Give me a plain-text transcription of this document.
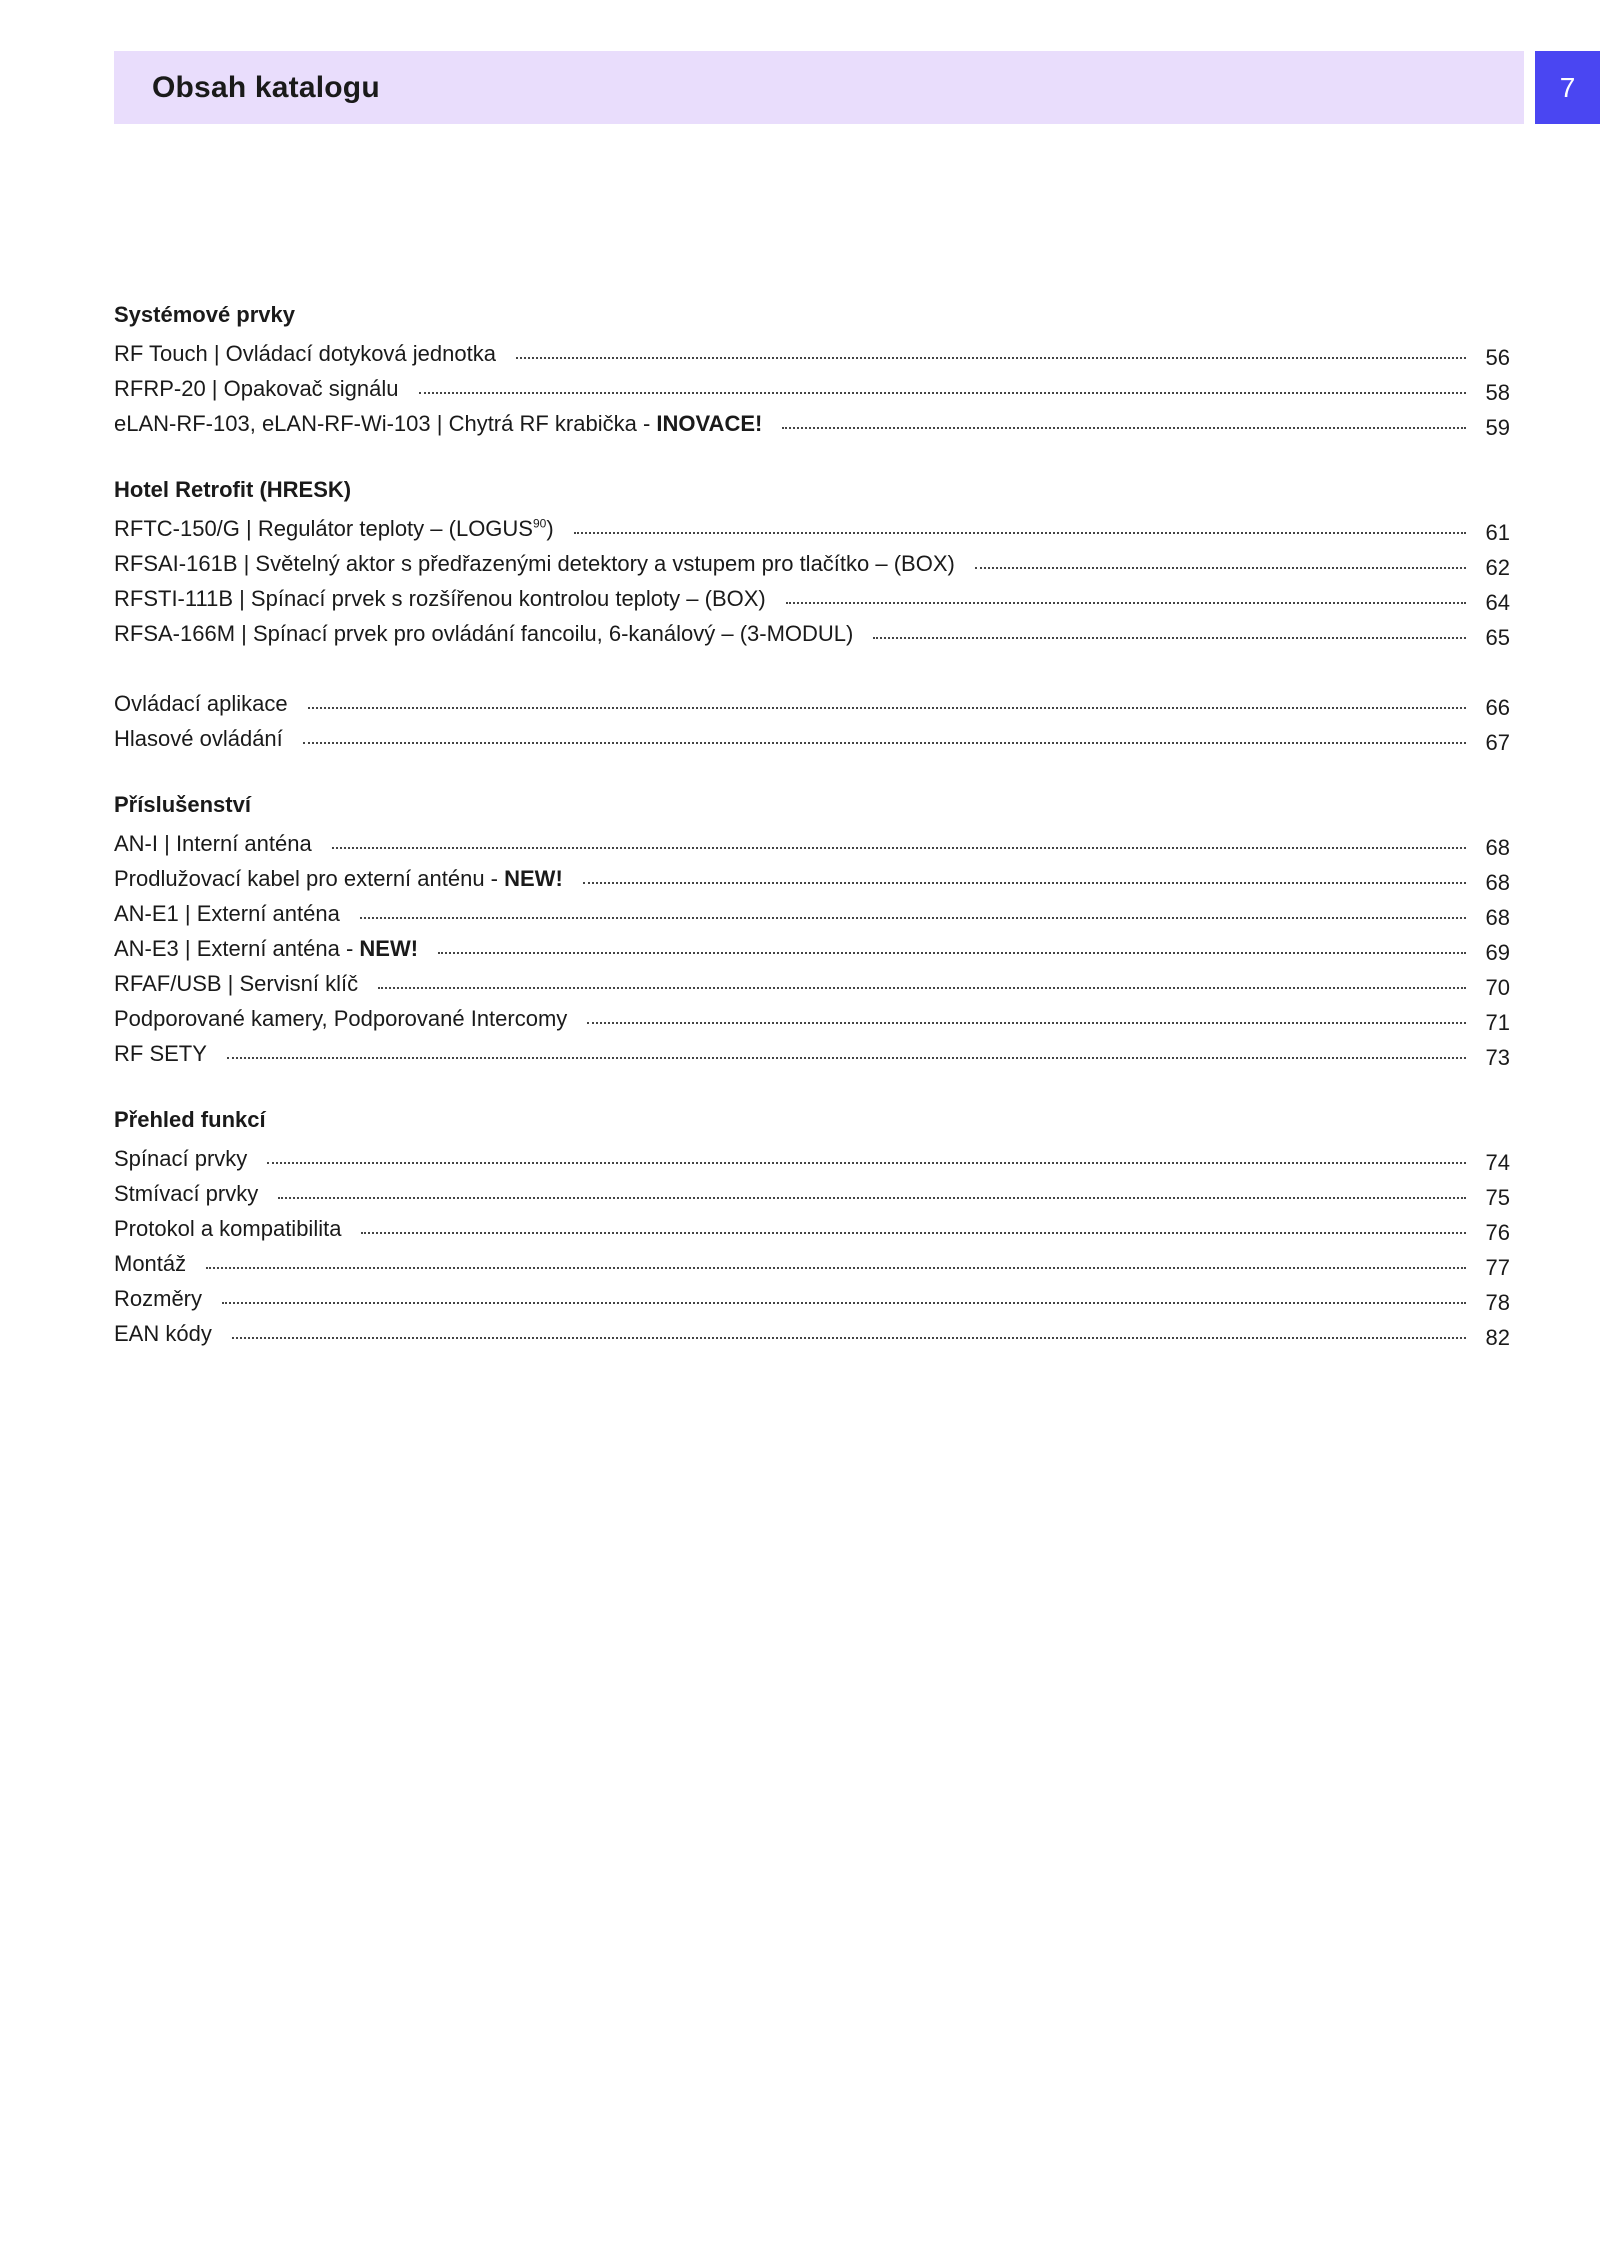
Obsah katalogu	7
Systémové prvky
RF Touch | Ovládací dotyková jednotka	56
RFRP-20 | Opakovač signálu	58
eLAN-RF-103, eLAN-RF-Wi-103 | Chytrá RF krabička - INOVACE!	59
Hotel Retrofit (HRESK)
RFTC-150/G | Regulátor teploty – (LOGUS$^{90}$)	61
RFSAI-161B | Světelný aktor s předřazenými detektory a vstupem pro tlačítko – (BOX)	62
RFSTI-111B | Spínací prvek s rozšířenou kontrolou teploty – (BOX)	64
RFSA-166M | Spínací prvek pro ovládání fancoilu, 6-kanálový – (3-MODUL)	65
Ovládací aplikace	66
Hlasové ovládání	67
Příslušenství
AN-I | Interní anténa	68
Prodlužovací kabel pro externí anténu - NEW!	68
AN-E1 | Externí anténa	68
AN-E3 | Externí anténa - NEW!	69
RFAF/USB | Servisní klíč	70
Podporované kamery, Podporované Intercomy	71
RF SETY	73
Přehled funkcí
Spínací prvky	74
Stmívací prvky	75
Protokol a kompatibilita	76
Montáž	77
Rozměry	78
EAN kódy	82
